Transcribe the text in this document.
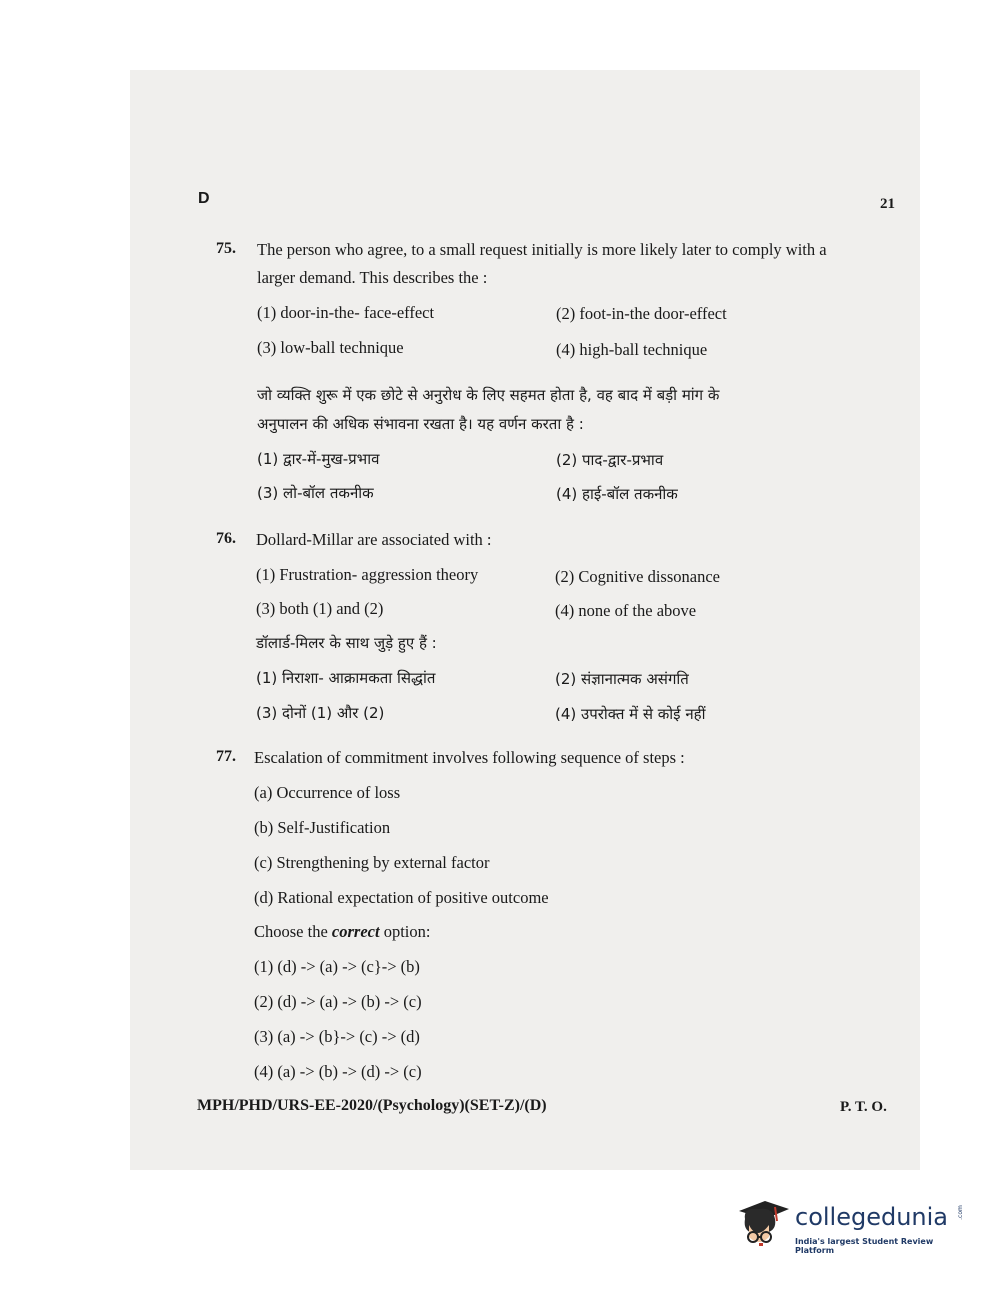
D	21
75. The person who agree, to a small request initially is more likely later to comply with a
larger demand. This describes the :
(1) door-in-the- face-effect	(2) foot-in-the door-effect
(3) low-ball technique	(4) high-ball technique
जो व्यक्ति शुरू में एक छोटे से अनुरोध के लिए सहमत होता है, वह बाद में बड़ी मांग के
अनुपालन की अधिक संभावना रखता है। यह वर्णन करता है :
(1) द्वार-में-मुख-प्रभाव	(2) पाद-द्वार-प्रभाव
(3) लो-बॉल तकनीक	(4) हाई-बॉल तकनीक
76. Dollard-Millar are associated with :
(1) Frustration- aggression theory	(2) Cognitive dissonance
(3) both (1) and (2)	(4) none of the above
डॉलार्ड-मिलर के साथ जुड़े हुए हैं :
(1) निराशा- आक्रामकता सिद्धांत	(2) संज्ञानात्मक असंगति
(3) दोनों (1) और (2)	(4) उपरोक्त में से कोई नहीं
77. Escalation of commitment involves following sequence of steps :
(a) Occurrence of loss
(b) Self-Justification
(c) Strengthening by external factor
(d) Rational expectation of positive outcome
Choose the correct option:
(1) (d) -> (a) -> (c}-> (b)
(2) (d) -> (a) -> (b) -> (c)
(3) (a) -> (b}-> (c) -> (d)
(4) (a) -> (b) -> (d) -> (c)
MPH/PHD/URS-EE-2020/(Psychology)(SET-Z)/(D)	P. T. O.
collegedunia .com
India's largest Student Review Platform
